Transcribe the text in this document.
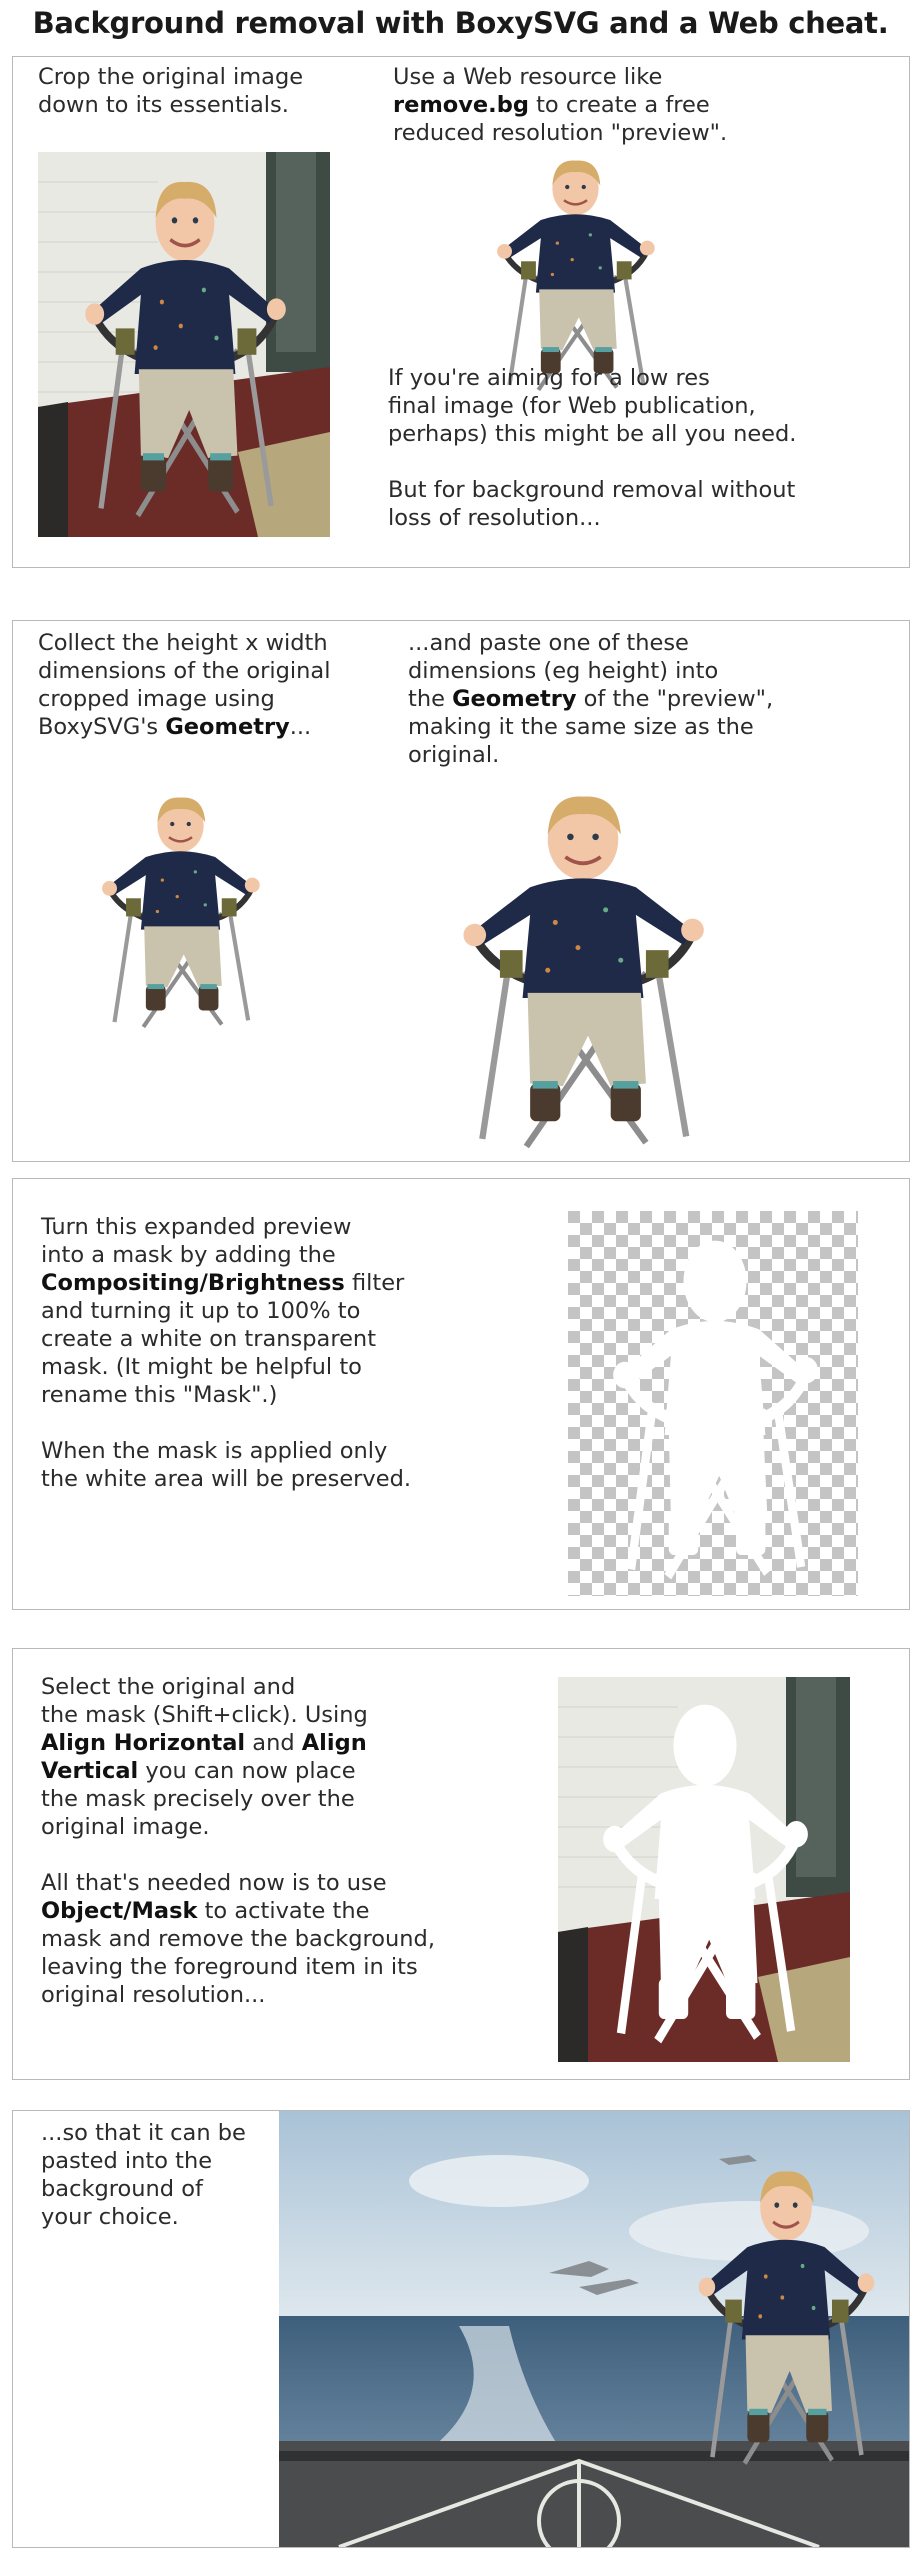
Background removal with BoxySVG and a Web cheat.

Crop the original image

down to its essentials.

Use a Web resource like

remove.bg to create a free

reduced resolution "preview".

If you're aiming for a low res

final image (for Web publication,

perhaps) this might be all you need.

But for background removal without

loss of resolution...

Collect the height x width

dimensions of the original

cropped image using

BoxySVG's Geometry...

...and paste one of these

dimensions (eg height) into

the Geometry of the "preview",

making it the same size as the

original.

Turn this expanded preview

into a mask by adding the

Compositing/Brightness filter

and turning it up to 100% to

create a white on transparent

mask. (It might be helpful to

rename this "Mask".)

When the mask is applied only

the white area will be preserved.

Select the original and

the mask (Shift+click). Using

Align Horizontal and Align

Vertical you can now place

the mask precisely over the

original image.

All that's needed now is to use

Object/Mask to activate the

mask and remove the background,

leaving the foreground item in its

original resolution...

...so that it can be

pasted into the

background of

your choice.
